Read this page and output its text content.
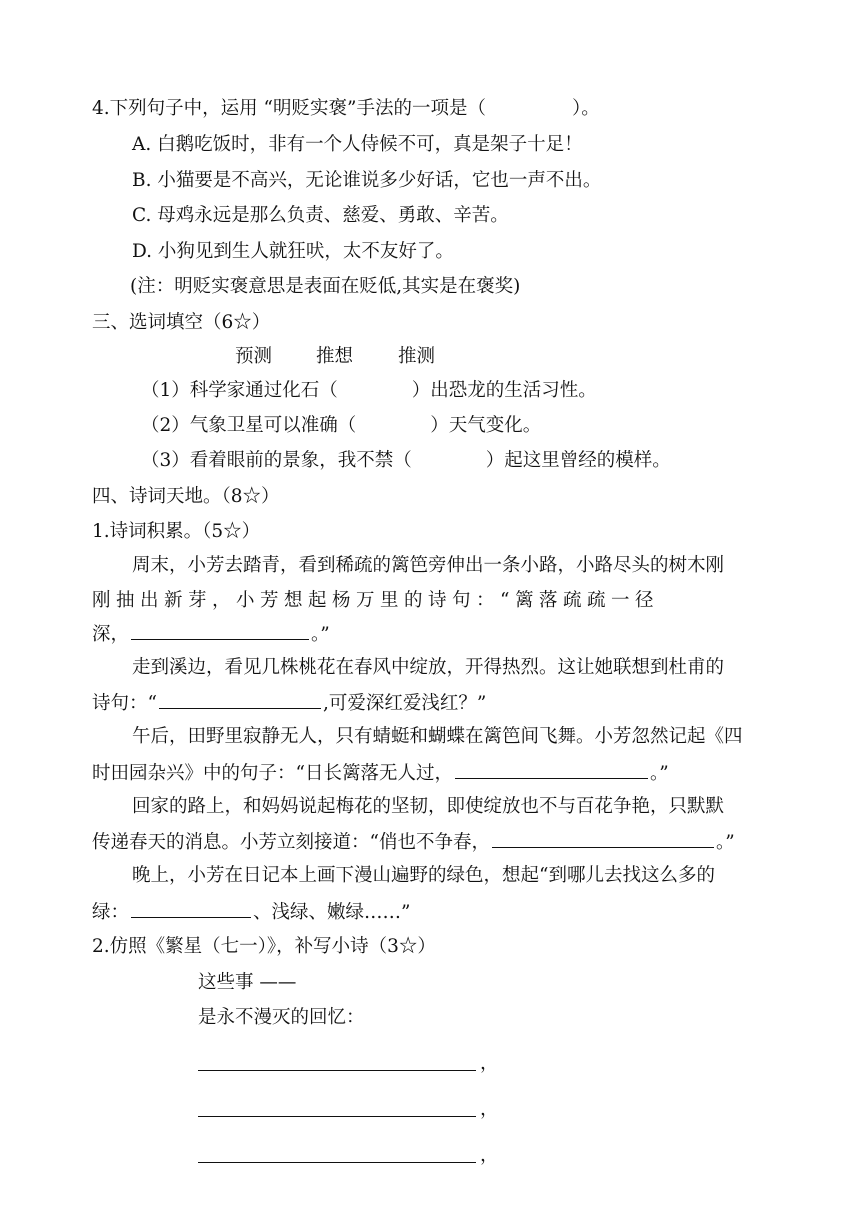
4.下列句子中，运用 “明贬实褒”手法的一项是（	）。
A. 白鹅吃饭时，非有一个人侍候不可，真是架子十足！
B. 小猫要是不高兴，无论谁说多少好话，它也一声不出。
C. 母鸡永远是那么负责、慈爱、勇敢、辛苦。
D. 小狗见到生人就狂吠，太不友好了。
(注：明贬实褒意思是表面在贬低,其实是在褒奖)
三、选词填空（6☆）
预测 推想 推测
（1）科学家通过化石（	）出恐龙的生活习性。
（2）气象卫星可以准确（	）天气变化。
（3）看着眼前的景象，我不禁（	）起这里曾经的模样。
四、诗词天地。（8☆）
1.诗词积累。（5☆）
周末，小芳去踏青，看到稀疏的篱笆旁伸出一条小路，小路尽头的树木刚
刚抽出新芽，小芳想起杨万里的诗句：“篱落疏疏一径
深，	。”
走到溪边，看见几株桃花在春风中绽放，开得热烈。这让她联想到杜甫的
诗句：“	,可爱深红爱浅红？”
午后，田野里寂静无人，只有蜻蜓和蝴蝶在篱笆间飞舞。小芳忽然记起《四
时田园杂兴》中的句子：“日长篱落无人过，	。”
回家的路上，和妈妈说起梅花的坚韧，即使绽放也不与百花争艳，只默默
传递春天的消息。小芳立刻接道：“俏也不争春，	。”
晚上，小芳在日记本上画下漫山遍野的绿色，想起“到哪儿去找这么多的
绿：	、浅绿、嫩绿……”
2.仿照《繁星（七一）》，补写小诗（3☆）
这些事 ——
是永不漫灭的回忆：
，
，
，
